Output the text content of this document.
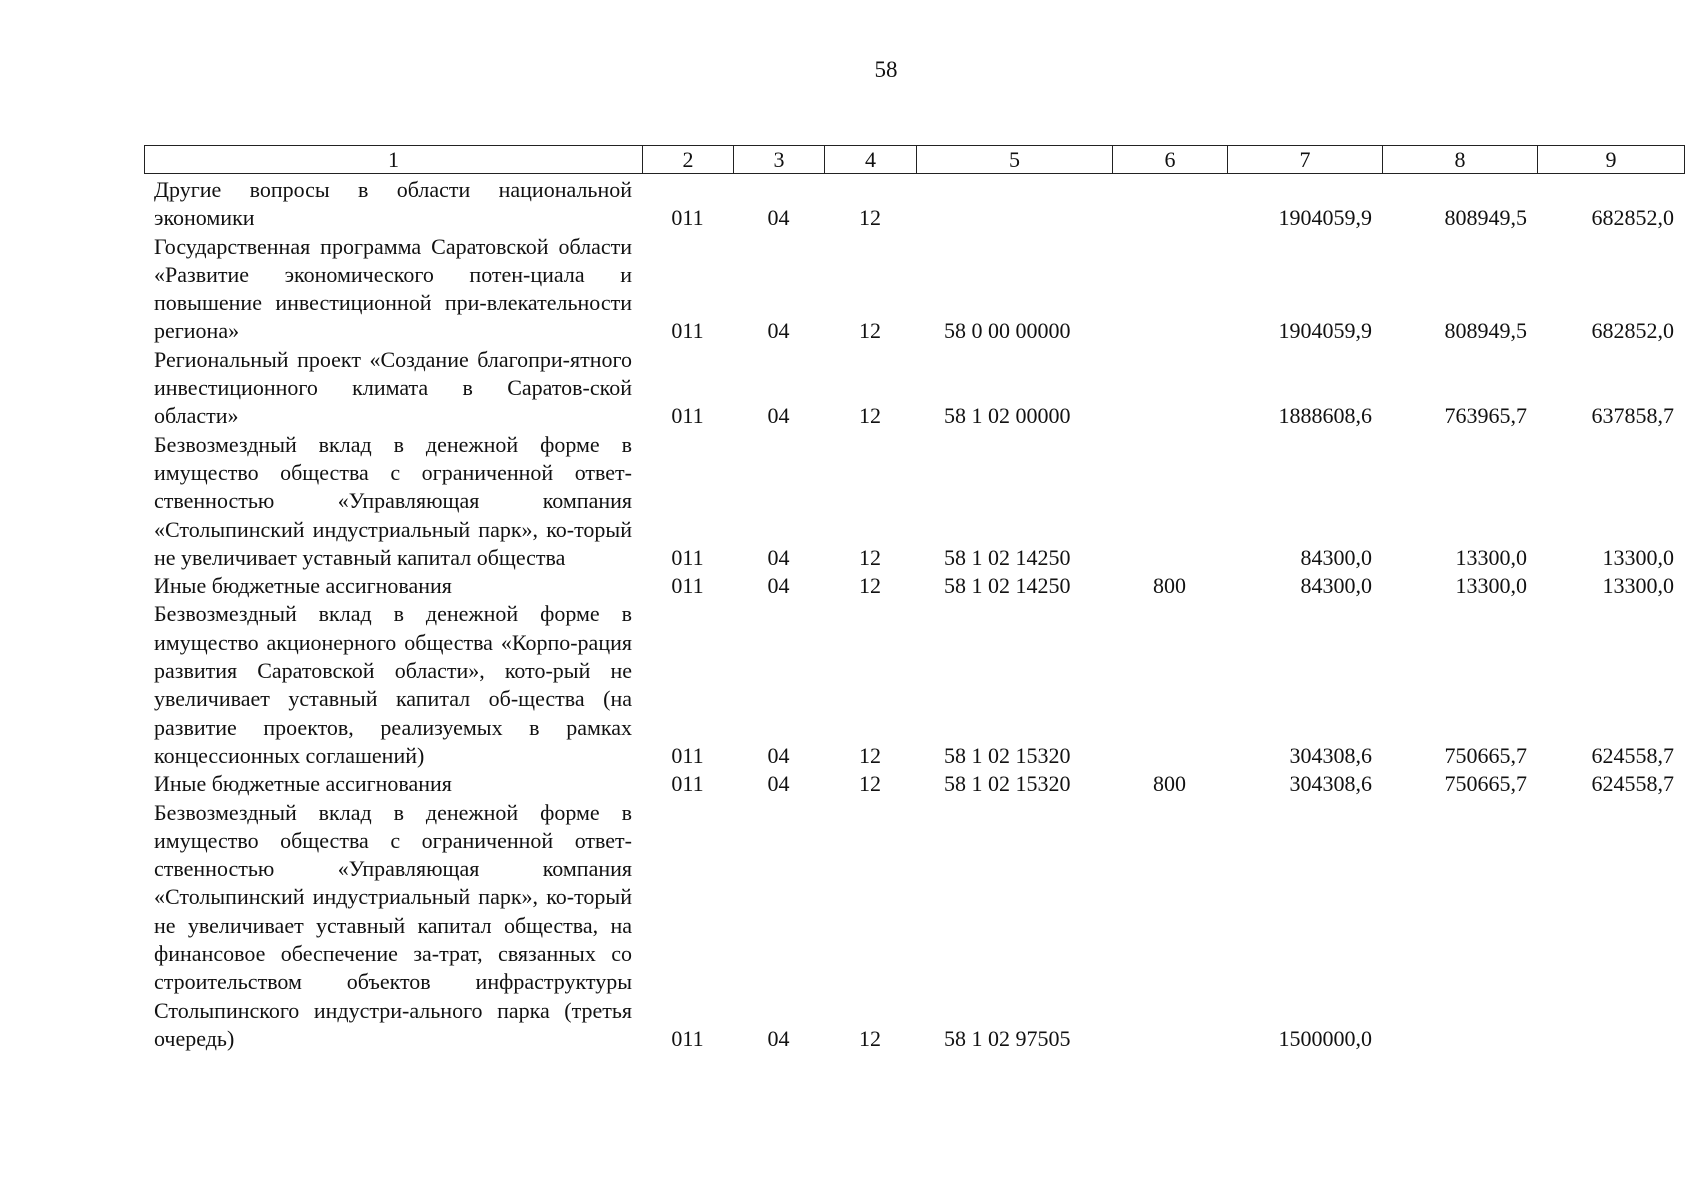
58
1	2	3	4	5	6	7	8	9
Другие вопросы в области национальной экономики	011	04	12			1904059,9	808949,5	682852,0
Государственная программа Саратовской области «Развитие экономического потен-циала и повышение инвестиционной при-влекательности региона»	011	04	12	58 0 00 00000		1904059,9	808949,5	682852,0
Региональный проект «Создание благопри-ятного инвестиционного климата в Саратов-ской области»	011	04	12	58 1 02 00000		1888608,6	763965,7	637858,7
Безвозмездный вклад в денежной форме в имущество общества с ограниченной ответ-ственностью «Управляющая компания «Столыпинский индустриальный парк», ко-торый не увеличивает уставный капитал общества	011	04	12	58 1 02 14250		84300,0	13300,0	13300,0
Иные бюджетные ассигнования	011	04	12	58 1 02 14250	800	84300,0	13300,0	13300,0
Безвозмездный вклад в денежной форме в имущество акционерного общества «Корпо-рация развития Саратовской области», кото-рый не увеличивает уставный капитал об-щества (на развитие проектов, реализуемых в рамках концессионных соглашений)	011	04	12	58 1 02 15320		304308,6	750665,7	624558,7
Иные бюджетные ассигнования	011	04	12	58 1 02 15320	800	304308,6	750665,7	624558,7
Безвозмездный вклад в денежной форме в имущество общества с ограниченной ответ-ственностью «Управляющая компания «Столыпинский индустриальный парк», ко-торый не увеличивает уставный капитал общества, на финансовое обеспечение за-трат, связанных со строительством объектов инфраструктуры Столыпинского индустри-ального парка (третья очередь)	011	04	12	58 1 02 97505		1500000,0		
